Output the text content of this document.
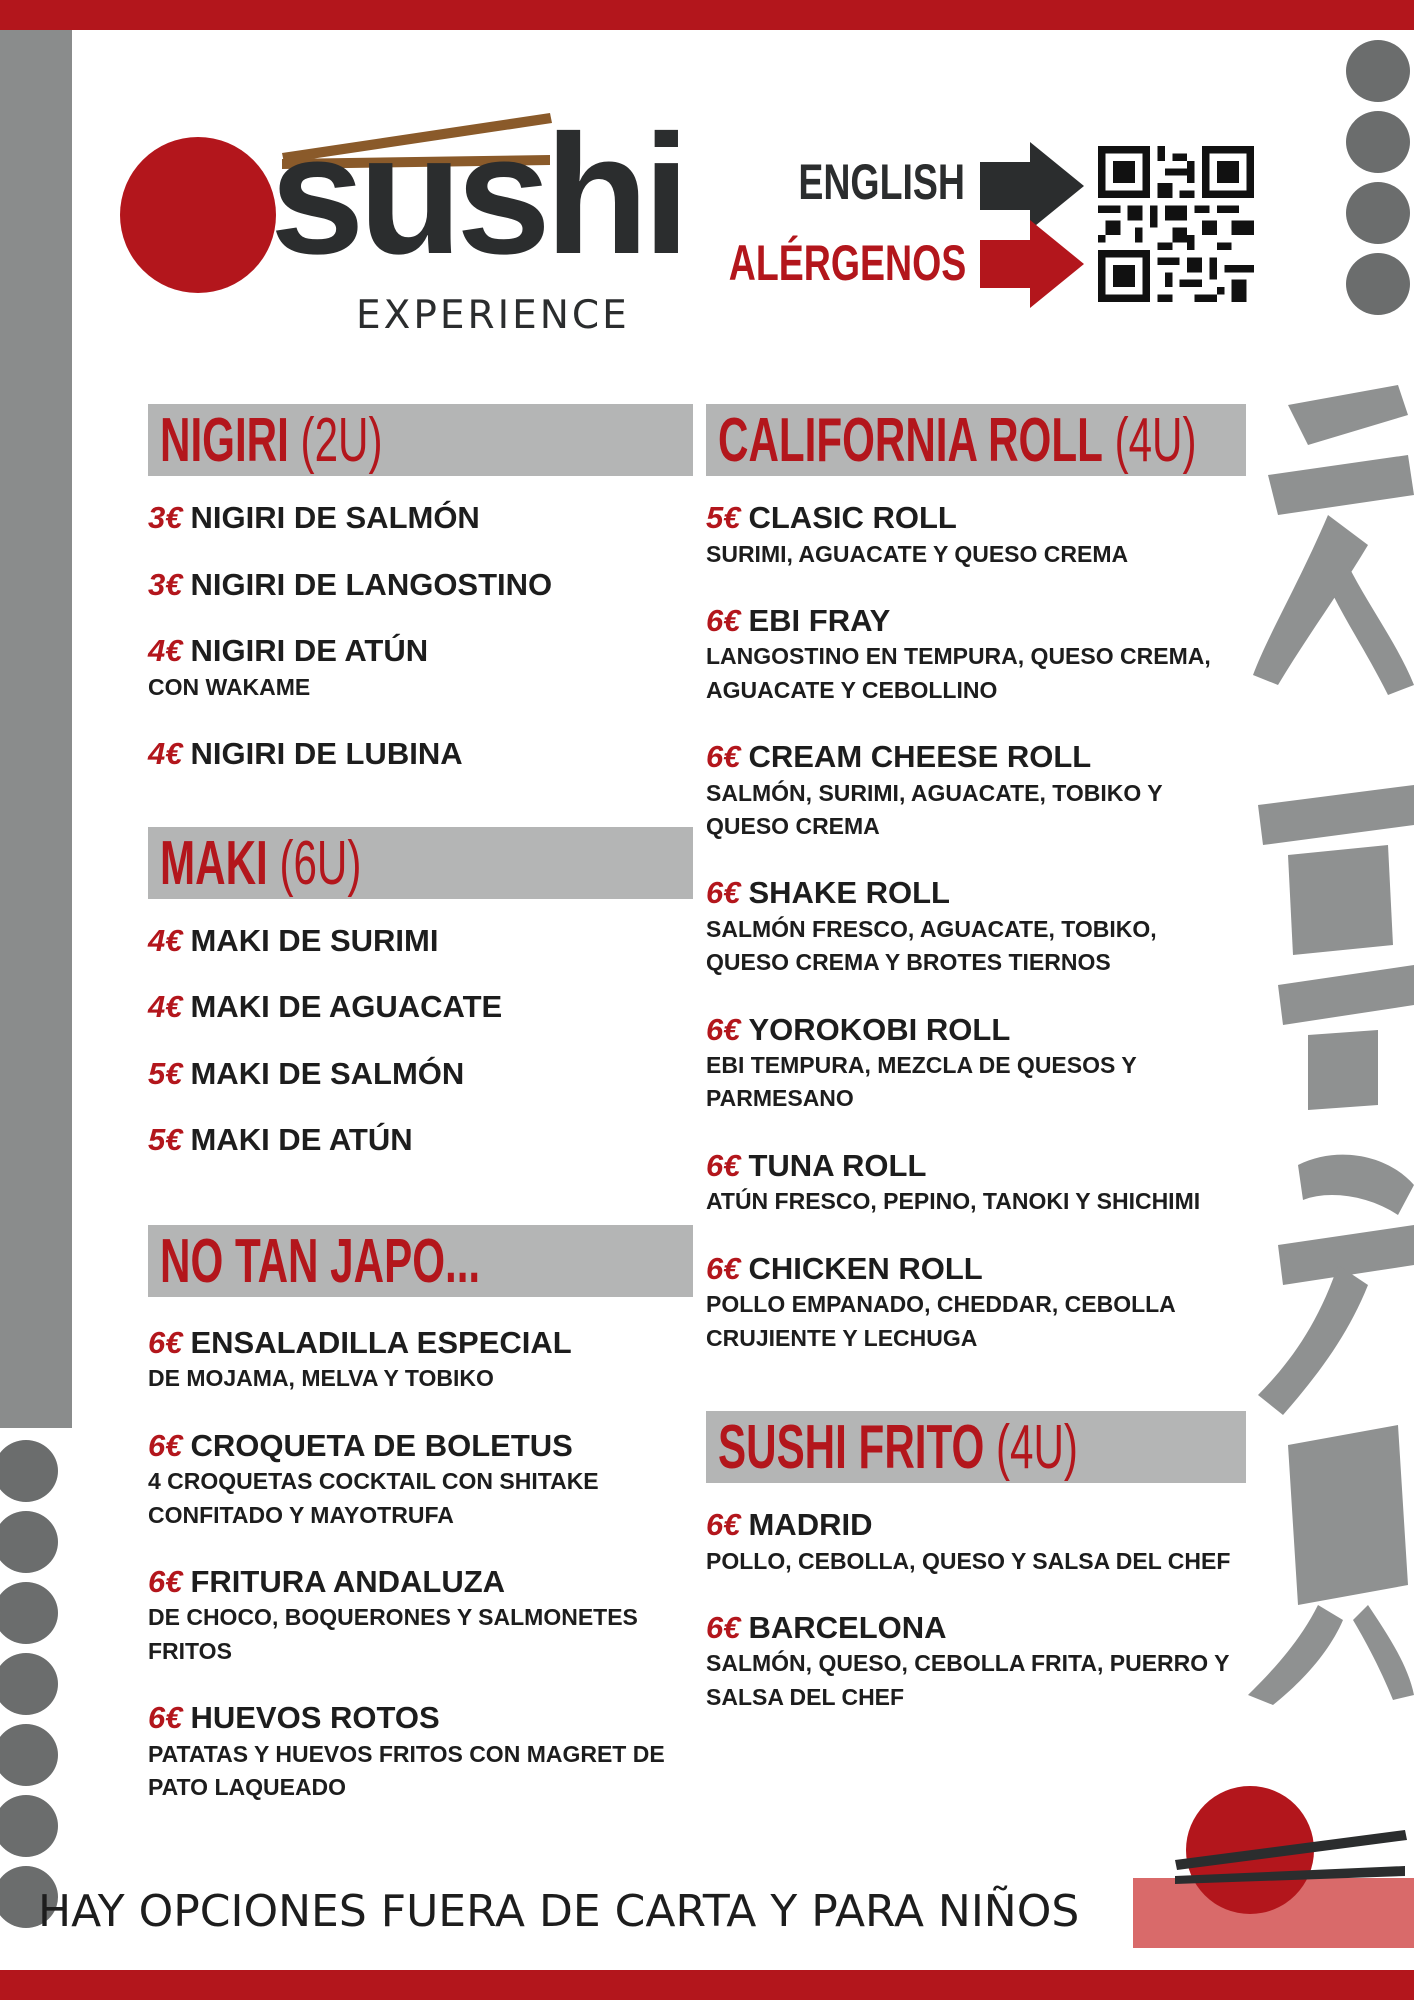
sushi
EXPERIENCE
ENGLISH
ALÉRGENOS
NIGIRI (2U)
3€ NIGIRI DE SALMÓN
3€ NIGIRI DE LANGOSTINO
4€ NIGIRI DE ATÚN
CON WAKAME
4€ NIGIRI DE LUBINA
MAKI (6U)
4€ MAKI DE SURIMI
4€ MAKI DE AGUACATE
5€ MAKI DE SALMÓN
5€ MAKI DE ATÚN
NO TAN JAPO...
6€ ENSALADILLA ESPECIAL
DE MOJAMA, MELVA Y TOBIKO
6€ CROQUETA DE BOLETUS
4 CROQUETAS COCKTAIL CON SHITAKE CONFITADO Y MAYOTRUFA
6€ FRITURA ANDALUZA
DE CHOCO, BOQUERONES Y SALMONETES FRITOS
6€ HUEVOS ROTOS
PATATAS Y HUEVOS FRITOS CON MAGRET DE PATO LAQUEADO
CALIFORNIA ROLL (4U)
5€ CLASIC ROLL
SURIMI, AGUACATE Y QUESO CREMA
6€ EBI FRAY
LANGOSTINO EN TEMPURA, QUESO CREMA, AGUACATE Y CEBOLLINO
6€ CREAM CHEESE ROLL
SALMÓN, SURIMI, AGUACATE, TOBIKO Y QUESO CREMA
6€ SHAKE ROLL
SALMÓN FRESCO, AGUACATE, TOBIKO, QUESO CREMA Y BROTES TIERNOS
6€ YOROKOBI ROLL
EBI TEMPURA, MEZCLA DE QUESOS Y PARMESANO
6€ TUNA ROLL
ATÚN FRESCO, PEPINO, TANOKI Y SHICHIMI
6€ CHICKEN ROLL
POLLO EMPANADO, CHEDDAR, CEBOLLA CRUJIENTE Y LECHUGA
SUSHI FRITO (4U)
6€ MADRID
POLLO, CEBOLLA, QUESO Y SALSA DEL CHEF
6€ BARCELONA
SALMÓN, QUESO, CEBOLLA FRITA, PUERRO Y SALSA DEL CHEF
HAY OPCIONES FUERA DE CARTA Y PARA NIÑOS
